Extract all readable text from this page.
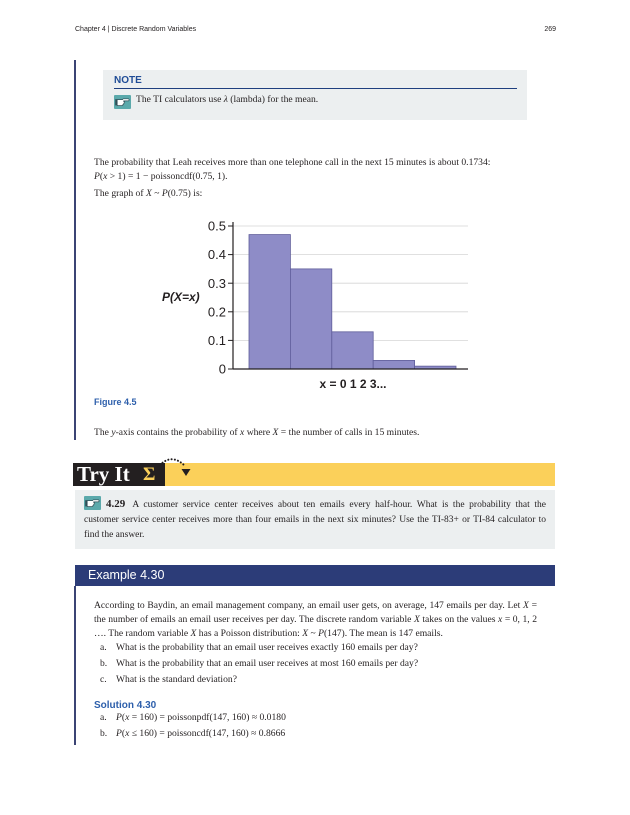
Chapter 4 | Discrete Random Variables	269
NOTE
The TI calculators use λ (lambda) for the mean.
The probability that Leah receives more than one telephone call in the next 15 minutes is about 0.1734:
P(x > 1) = 1 − poissoncdf(0.75, 1).
The graph of X ~ P(0.75) is:
0
0.1
0.2
0.3
0.4
0.5
P(X=x)
x = 0 1 2 3...
Figure 4.5
The y-axis contains the probability of x where X = the number of calls in 15 minutes.
Try It Σ
4.29 A customer service center receives about ten emails every half-hour. What is the probability that the customer service center receives more than four emails in the next six minutes? Use the TI-83+ or TI-84 calculator to find the answer.
Example 4.30
According to Baydin, an email management company, an email user gets, on average, 147 emails per day. Let X = the number of emails an email user receives per day. The discrete random variable X takes on the values x = 0, 1, 2 …. The random variable X has a Poisson distribution: X ~ P(147). The mean is 147 emails.
a. What is the probability that an email user receives exactly 160 emails per day?
b. What is the probability that an email user receives at most 160 emails per day?
c. What is the standard deviation?
Solution 4.30
a. P(x = 160) = poissonpdf(147, 160) ≈ 0.0180
b. P(x ≤ 160) = poissoncdf(147, 160) ≈ 0.8666
